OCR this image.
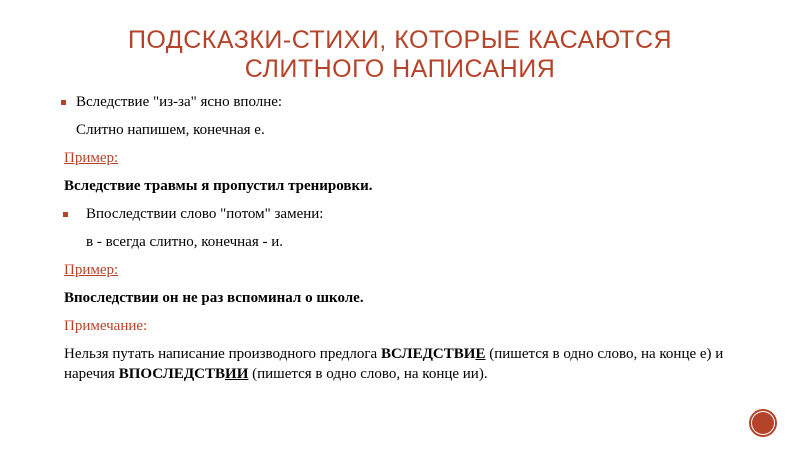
ПОДСКАЗКИ-СТИХИ, КОТОРЫЕ КАСАЮТСЯ
СЛИТНОГО НАПИСАНИЯ
Вследствие "из-за" ясно вполне:
Слитно напишем, конечная е.
Пример:
Вследствие травмы я пропустил тренировки.
Впоследствии слово "потом" замени:
в - всегда слитно, конечная - и.
Пример:
Впоследствии он не раз вспоминал о школе.
Примечание:
Нельзя путать написание производного предлога ВСЛЕДСТВИЕ (пишется в одно слово, на конце е) и наречия ВПОСЛЕДСТВИИ (пишется в одно слово, на конце ии).
